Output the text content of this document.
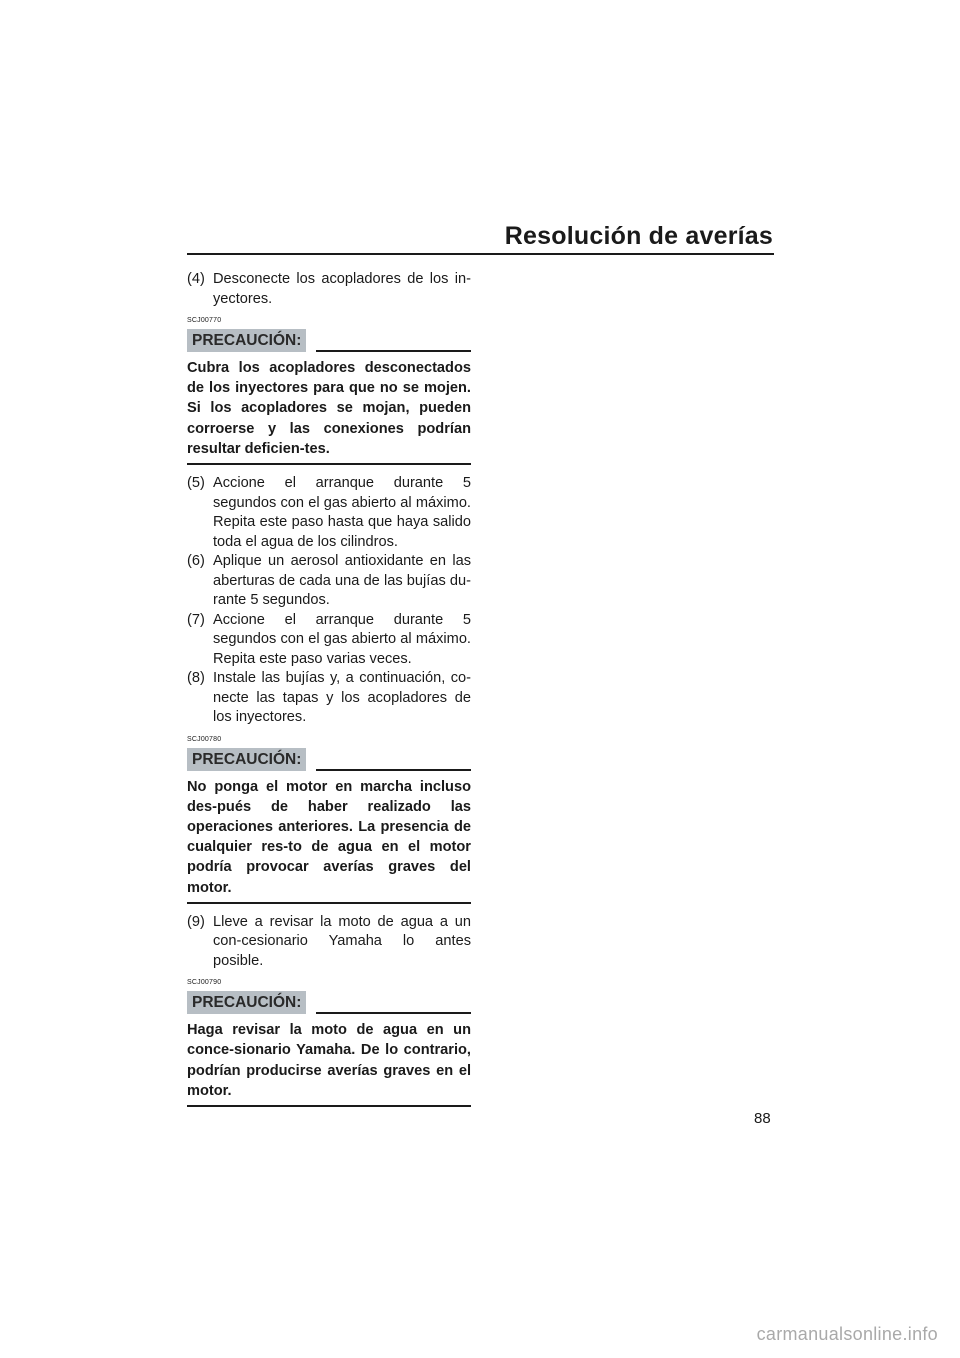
Resolución de averías
(4) Desconecte los acopladores de los in-yectores.
SCJ00770
PRECAUCIÓN:

Cubra los acopladores desconectados de los inyectores para que no se mojen. Si los acopladores se mojan, pueden corroerse y las conexiones podrían resultar deficien-tes.

(5) Accione el arranque durante 5 segundos con el gas abierto al máximo. Repita este paso hasta que haya salido toda el agua de los cilindros.
(6) Aplique un aerosol antioxidante en las aberturas de cada una de las bujías du-rante 5 segundos.
(7) Accione el arranque durante 5 segundos con el gas abierto al máximo. Repita este paso varias veces.
(8) Instale las bujías y, a continuación, co-necte las tapas y los acopladores de los inyectores.
SCJ00780
PRECAUCIÓN:

No ponga el motor en marcha incluso des-pués de haber realizado las operaciones anteriores. La presencia de cualquier res-to de agua en el motor podría provocar averías graves del motor.

(9) Lleve a revisar la moto de agua a un con-cesionario Yamaha lo antes posible.
SCJ00790
PRECAUCIÓN:

Haga revisar la moto de agua en un conce-sionario Yamaha. De lo contrario, podrían producirse averías graves en el motor.

88
carmanualsonline.info
